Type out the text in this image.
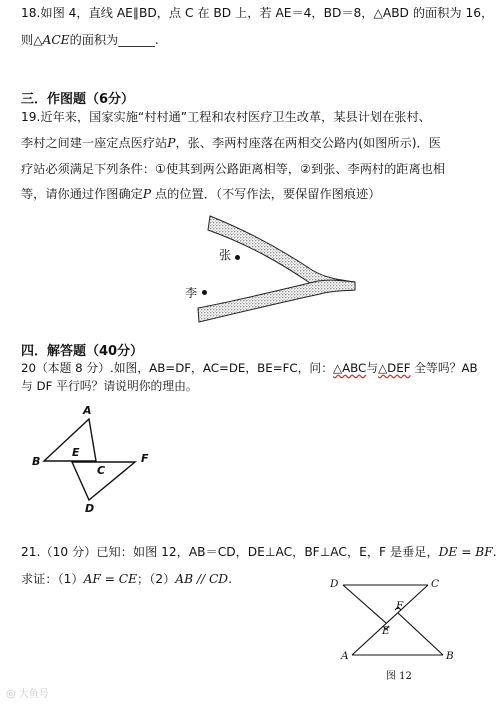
18.如图 4，直线 AE∥BD，点 C 在 BD 上，若 AE＝4，BD＝8，△ABD 的面积为 16，
则△ACE的面积为______.
三．作图题（6分）
19.近年来，国家实施“村村通”工程和农村医疗卫生改革，某县计划在张村、
李村之间建一座定点医疗站P，张、李两村座落在两相交公路内(如图所示)．医
疗站必须满足下列条件：①使其到两公路距离相等，②到张、李两村的距离也相
等，请你通过作图确定P 点的位置．（不写作法，要保留作图痕迹）
张
李
四．解答题（40分）
20（本题 8 分）.如图，AB=DF，AC=DE，BE=FC，问：△ABC与△DEF 全等吗？AB
与 DF 平行吗？请说明你的理由。
A
B
E
C
F
D
21.（10 分）已知：如图 12，AB＝CD，DE⊥AC，BF⊥AC，E，F 是垂足，DE = BF.
求证：（1）AF = CE；（2）AB // CD.	D	C
F
E
A	B
图 12
◎ 大鱼号
